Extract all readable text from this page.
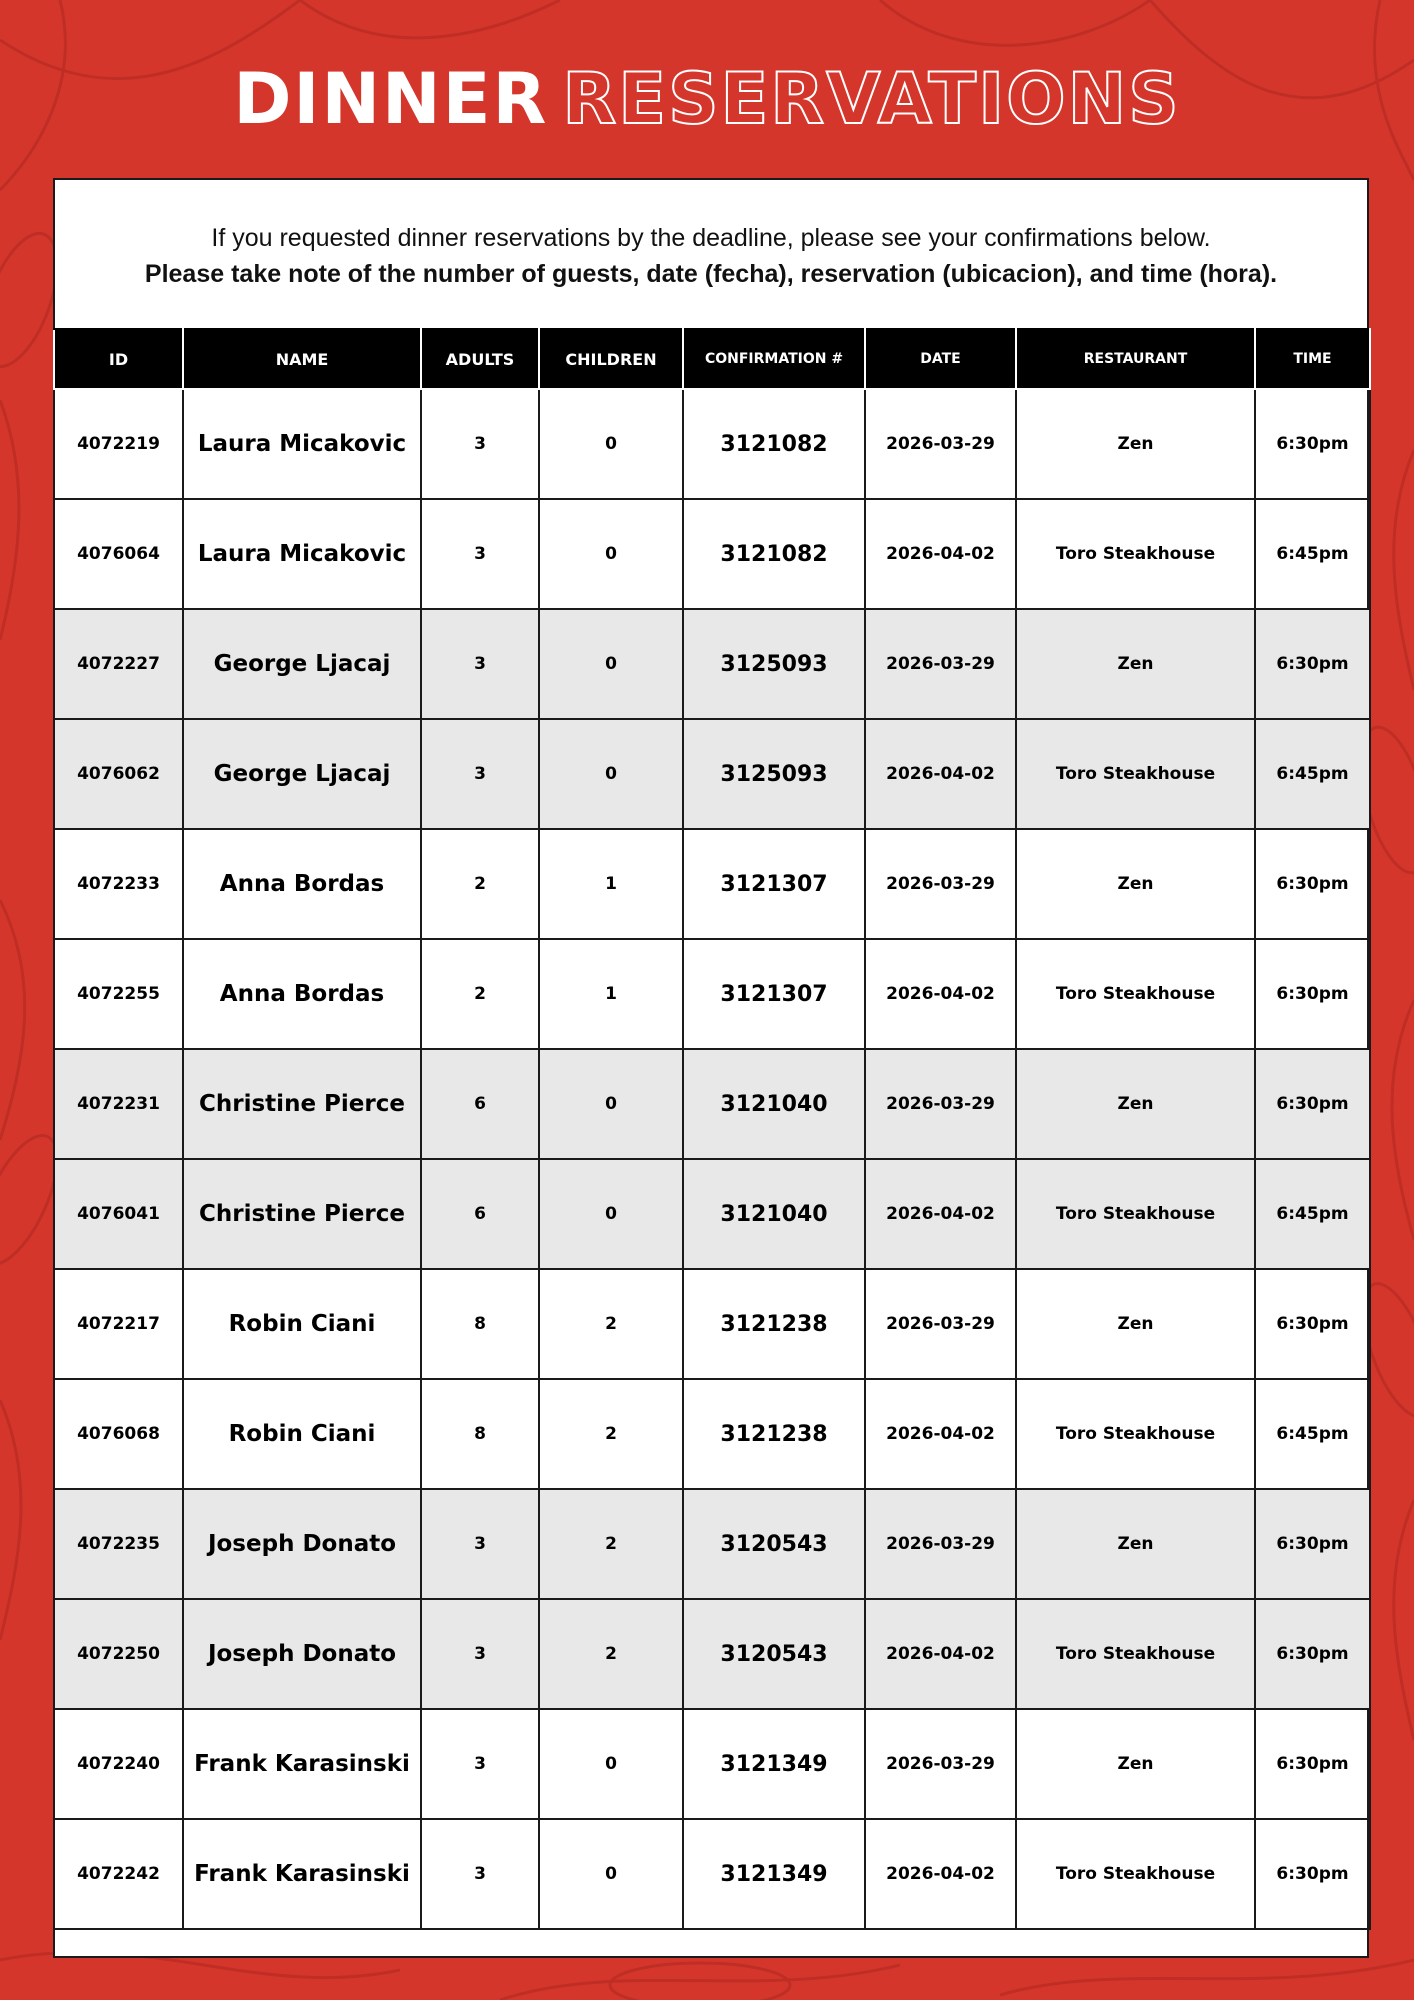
DINNER RESERVATIONS
If you requested dinner reservations by the deadline, please see your confirmations below.
Please take note of the number of guests, date (fecha), reservation (ubicacion), and time (hora).
ID	NAME	ADULTS	CHILDREN	CONFIRMATION #	DATE	RESTAURANT	TIME
4072219	Laura Micakovic	3	0	3121082	2026-03-29	Zen	6:30pm
4076064	Laura Micakovic	3	0	3121082	2026-04-02	Toro Steakhouse	6:45pm
4072227	George Ljacaj	3	0	3125093	2026-03-29	Zen	6:30pm
4076062	George Ljacaj	3	0	3125093	2026-04-02	Toro Steakhouse	6:45pm
4072233	Anna Bordas	2	1	3121307	2026-03-29	Zen	6:30pm
4072255	Anna Bordas	2	1	3121307	2026-04-02	Toro Steakhouse	6:30pm
4072231	Christine Pierce	6	0	3121040	2026-03-29	Zen	6:30pm
4076041	Christine Pierce	6	0	3121040	2026-04-02	Toro Steakhouse	6:45pm
4072217	Robin Ciani	8	2	3121238	2026-03-29	Zen	6:30pm
4076068	Robin Ciani	8	2	3121238	2026-04-02	Toro Steakhouse	6:45pm
4072235	Joseph Donato	3	2	3120543	2026-03-29	Zen	6:30pm
4072250	Joseph Donato	3	2	3120543	2026-04-02	Toro Steakhouse	6:30pm
4072240	Frank Karasinski	3	0	3121349	2026-03-29	Zen	6:30pm
4072242	Frank Karasinski	3	0	3121349	2026-04-02	Toro Steakhouse	6:30pm
